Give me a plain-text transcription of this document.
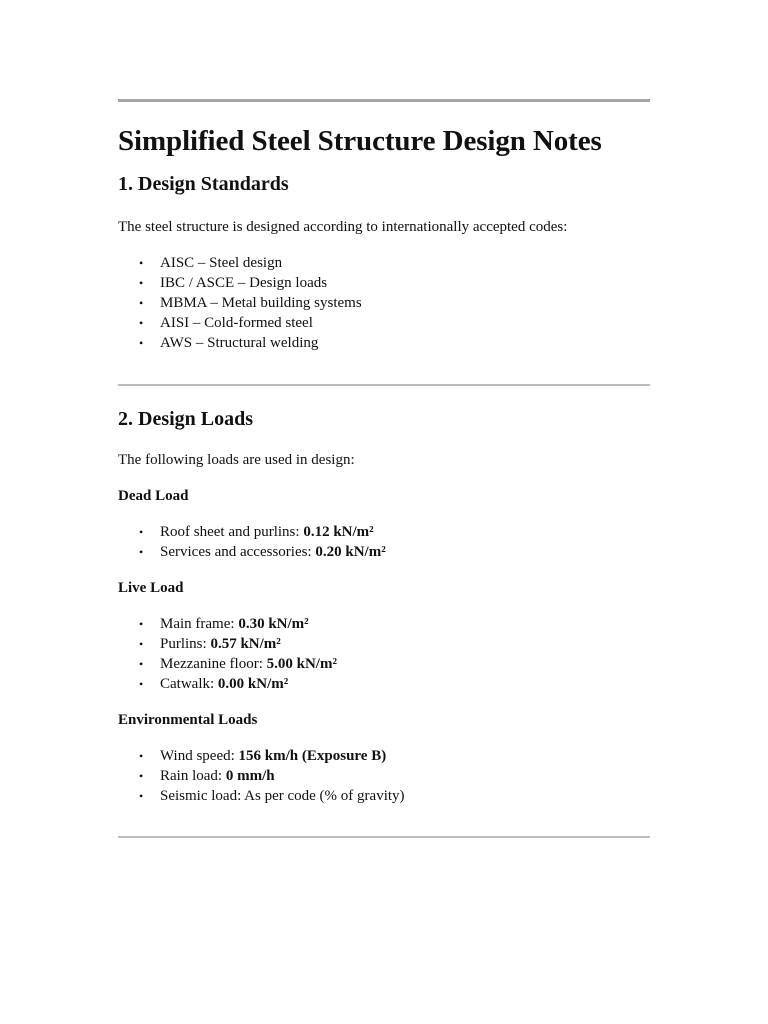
Simplified Steel Structure Design Notes
1. Design Standards

The steel structure is designed according to internationally accepted codes:

• AISC – Steel design
• IBC / ASCE – Design loads
• MBMA – Metal building systems
• AISI – Cold-formed steel
• AWS – Structural welding
2. Design Loads

The following loads are used in design:

Dead Load
• Roof sheet and purlins: 0.12 kN/m²
• Services and accessories: 0.20 kN/m²
Live Load
• Main frame: 0.30 kN/m²
• Purlins: 0.57 kN/m²
• Mezzanine floor: 5.00 kN/m²
• Catwalk: 0.00 kN/m²
Environmental Loads
• Wind speed: 156 km/h (Exposure B)
• Rain load: 0 mm/h
• Seismic load: As per code (% of gravity)
